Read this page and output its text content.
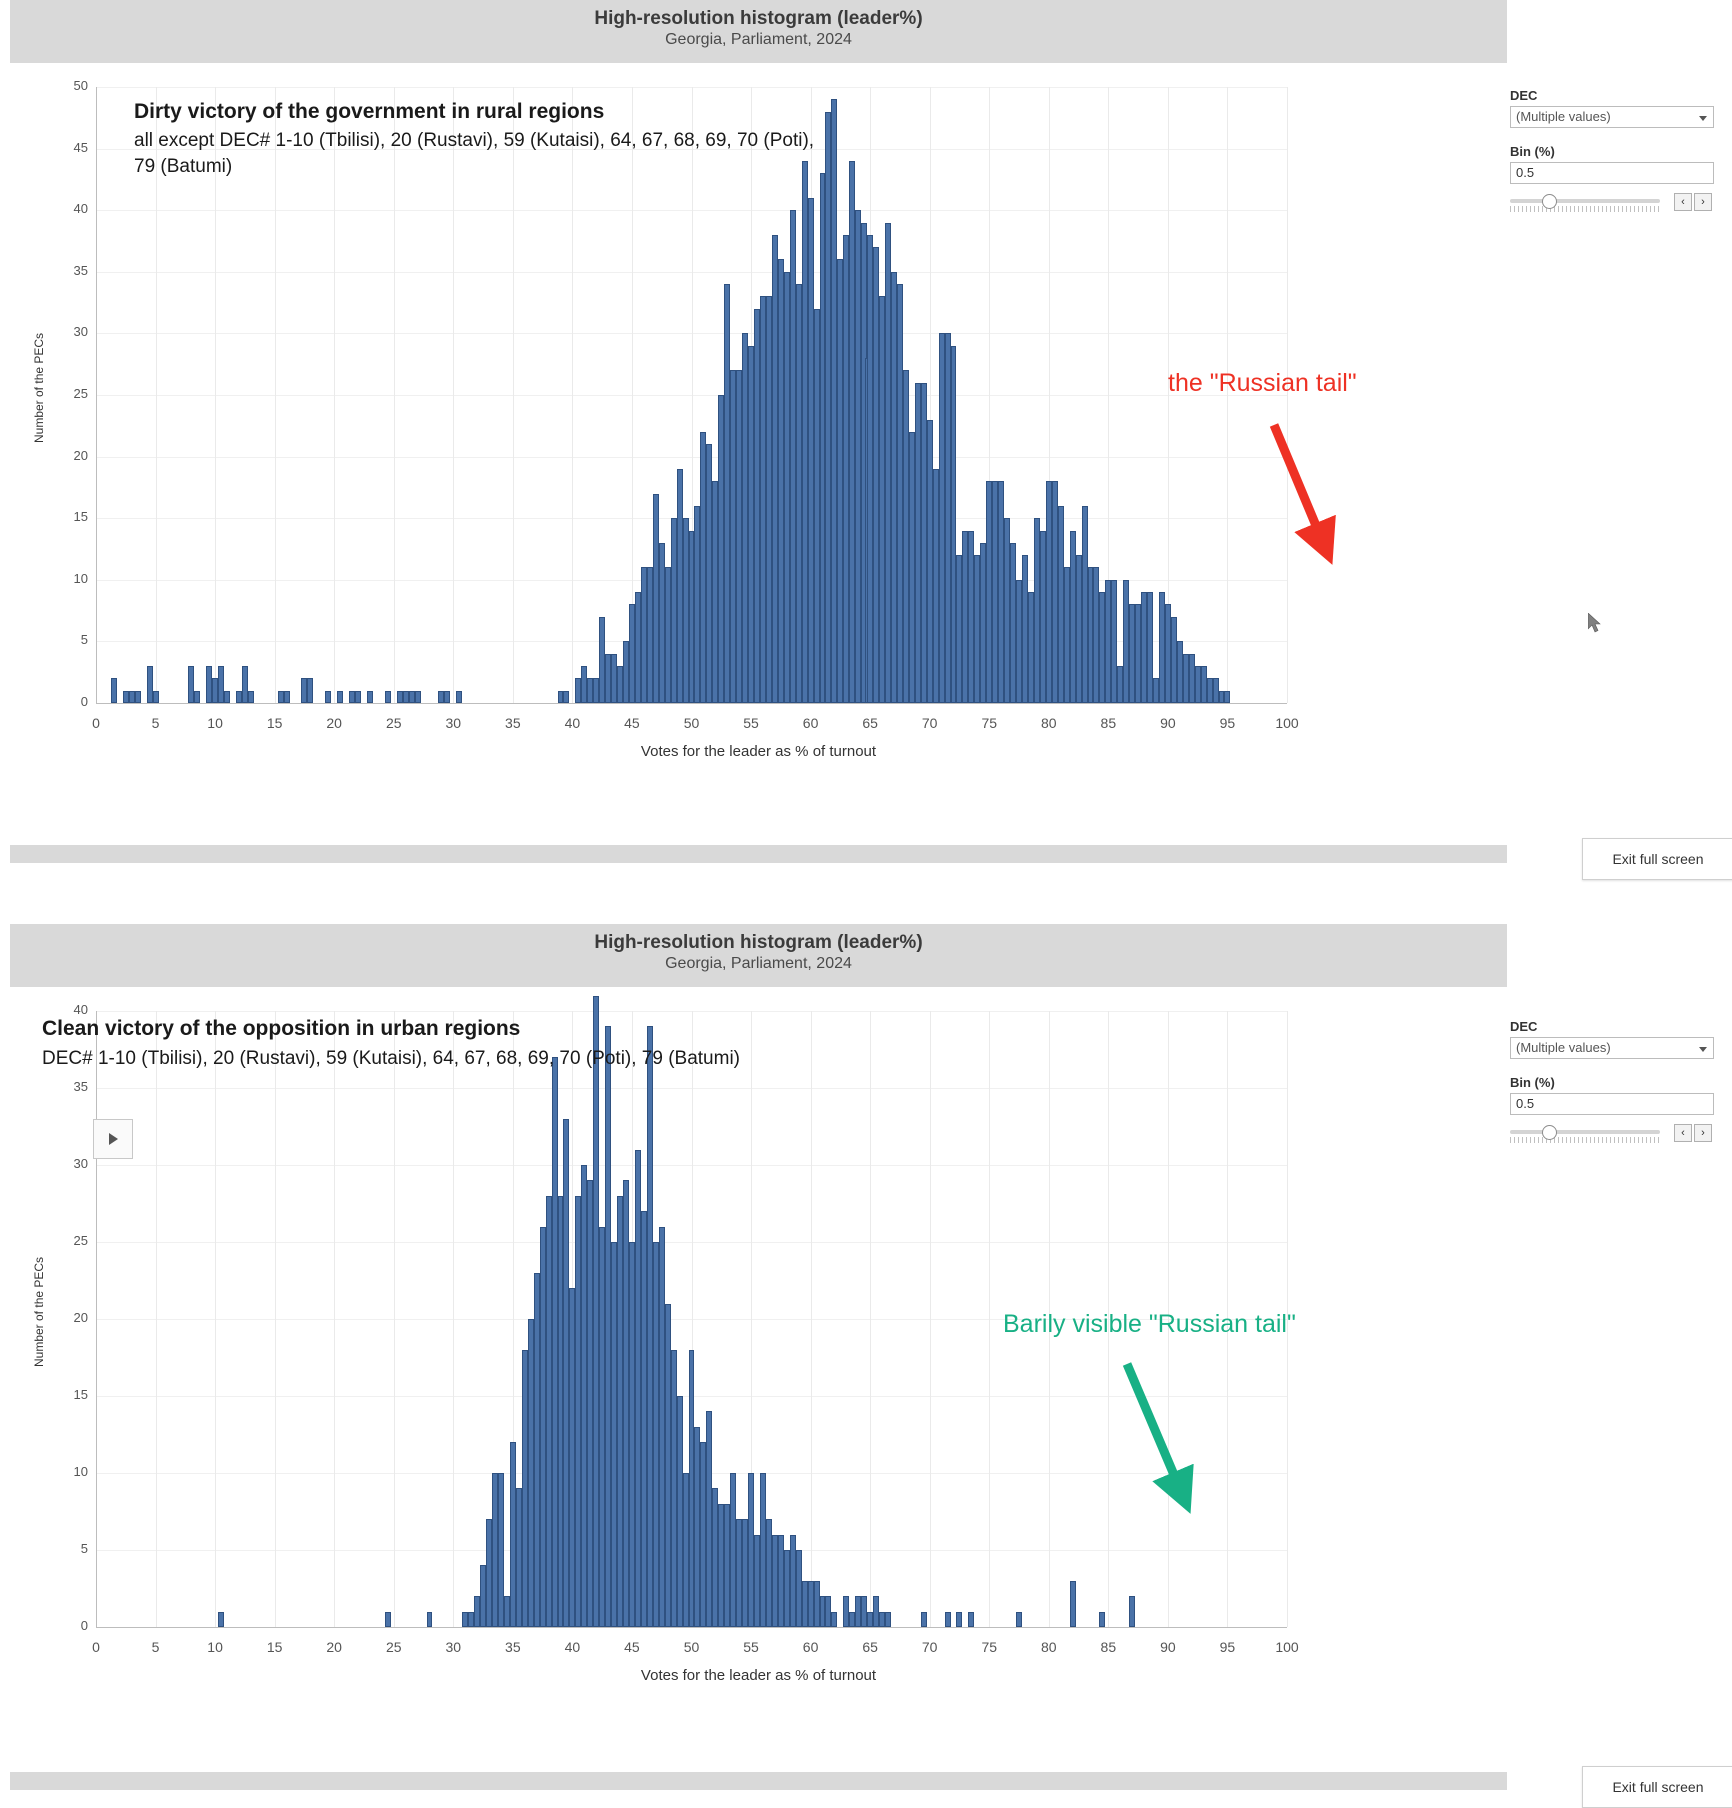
High-resolution histogram (leader%)
Georgia, Parliament, 2024
0
5
10
15
20
25
30
35
40
45
50
0	5	10	15	20	25	30	35	40	45	50	55	60	65	70	75	80	85	90	95	100
Votes for the leader as % of turnout
Number of the PECs
Dirty victory of the government in rural regions
all except DEC# 1-10 (Tbilisi), 20 (Rustavi), 59 (Kutaisi), 64, 67, 68, 69, 70 (Poti), 79 (Batumi)
the "Russian tail"
DEC
(Multiple values)
Bin (%)
0.5
‹	›
Exit full screen
High-resolution histogram (leader%)
Georgia, Parliament, 2024
0
5
10
15
20
25
30
35
40
0	5	10	15	20	25	30	35	40	45	50	55	60	65	70	75	80	85	90	95	100
Votes for the leader as % of turnout
Number of the PECs
Clean victory of the opposition in urban regions
DEC# 1-10 (Tbilisi), 20 (Rustavi), 59 (Kutaisi), 64, 67, 68, 69, 70 (Poti), 79 (Batumi)
Barily visible "Russian tail"
DEC
(Multiple values)
Bin (%)
0.5
‹	›
Exit full screen
